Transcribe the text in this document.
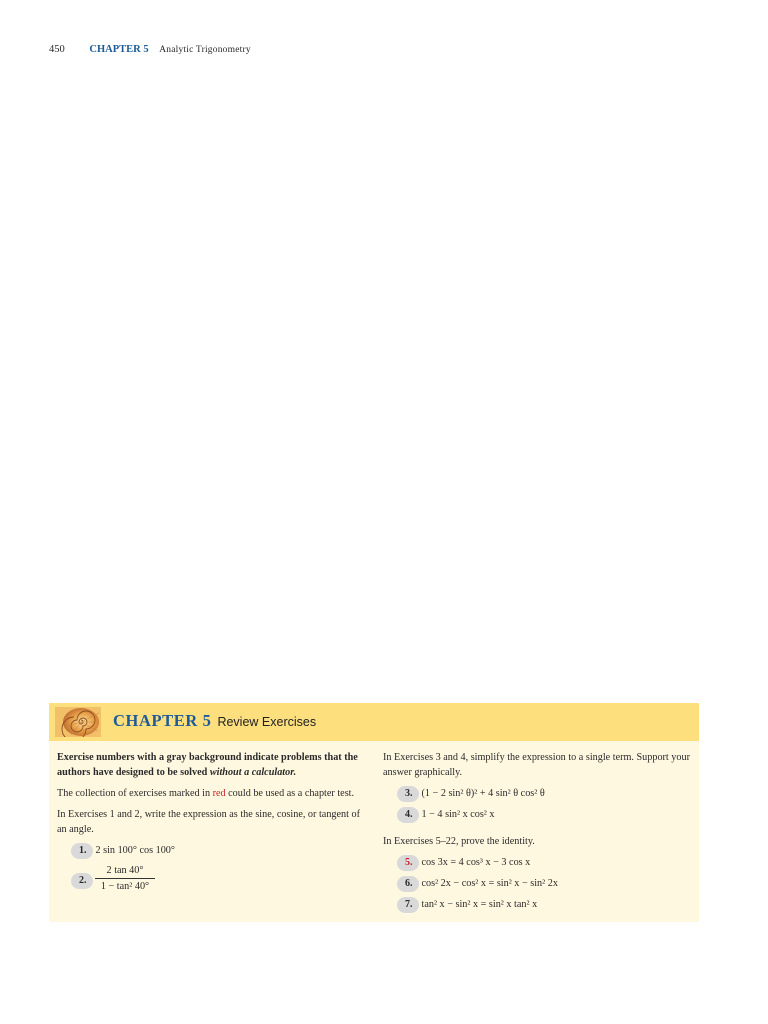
450 CHAPTER 5 Analytic Trigonometry
CHAPTER 5 Review Exercises

Exercise numbers with a gray background indicate problems that the authors have designed to be solved without a calculator.

The collection of exercises marked in red could be used as a chapter test.

In Exercises 1 and 2, write the expression as the sine, cosine, or tangent of an angle.

1. 2 sin 100° cos 100°
2. $\frac{2 \tan 40^\circ}{\text{1 − tan² 40°}}$

In Exercises 3 and 4, simplify the expression to a single term. Support your answer graphically.

3. (1 − 2 sin² θ)² + 4 sin² θ cos² θ
4. 1 − 4 sin² x cos² x

In Exercises 5–22, prove the identity.

5. cos 3x = 4 cos³ x − 3 cos x
6. cos² 2x − cos² x = sin² x − sin² 2x
7. tan² x − sin² x = sin² x tan² x
